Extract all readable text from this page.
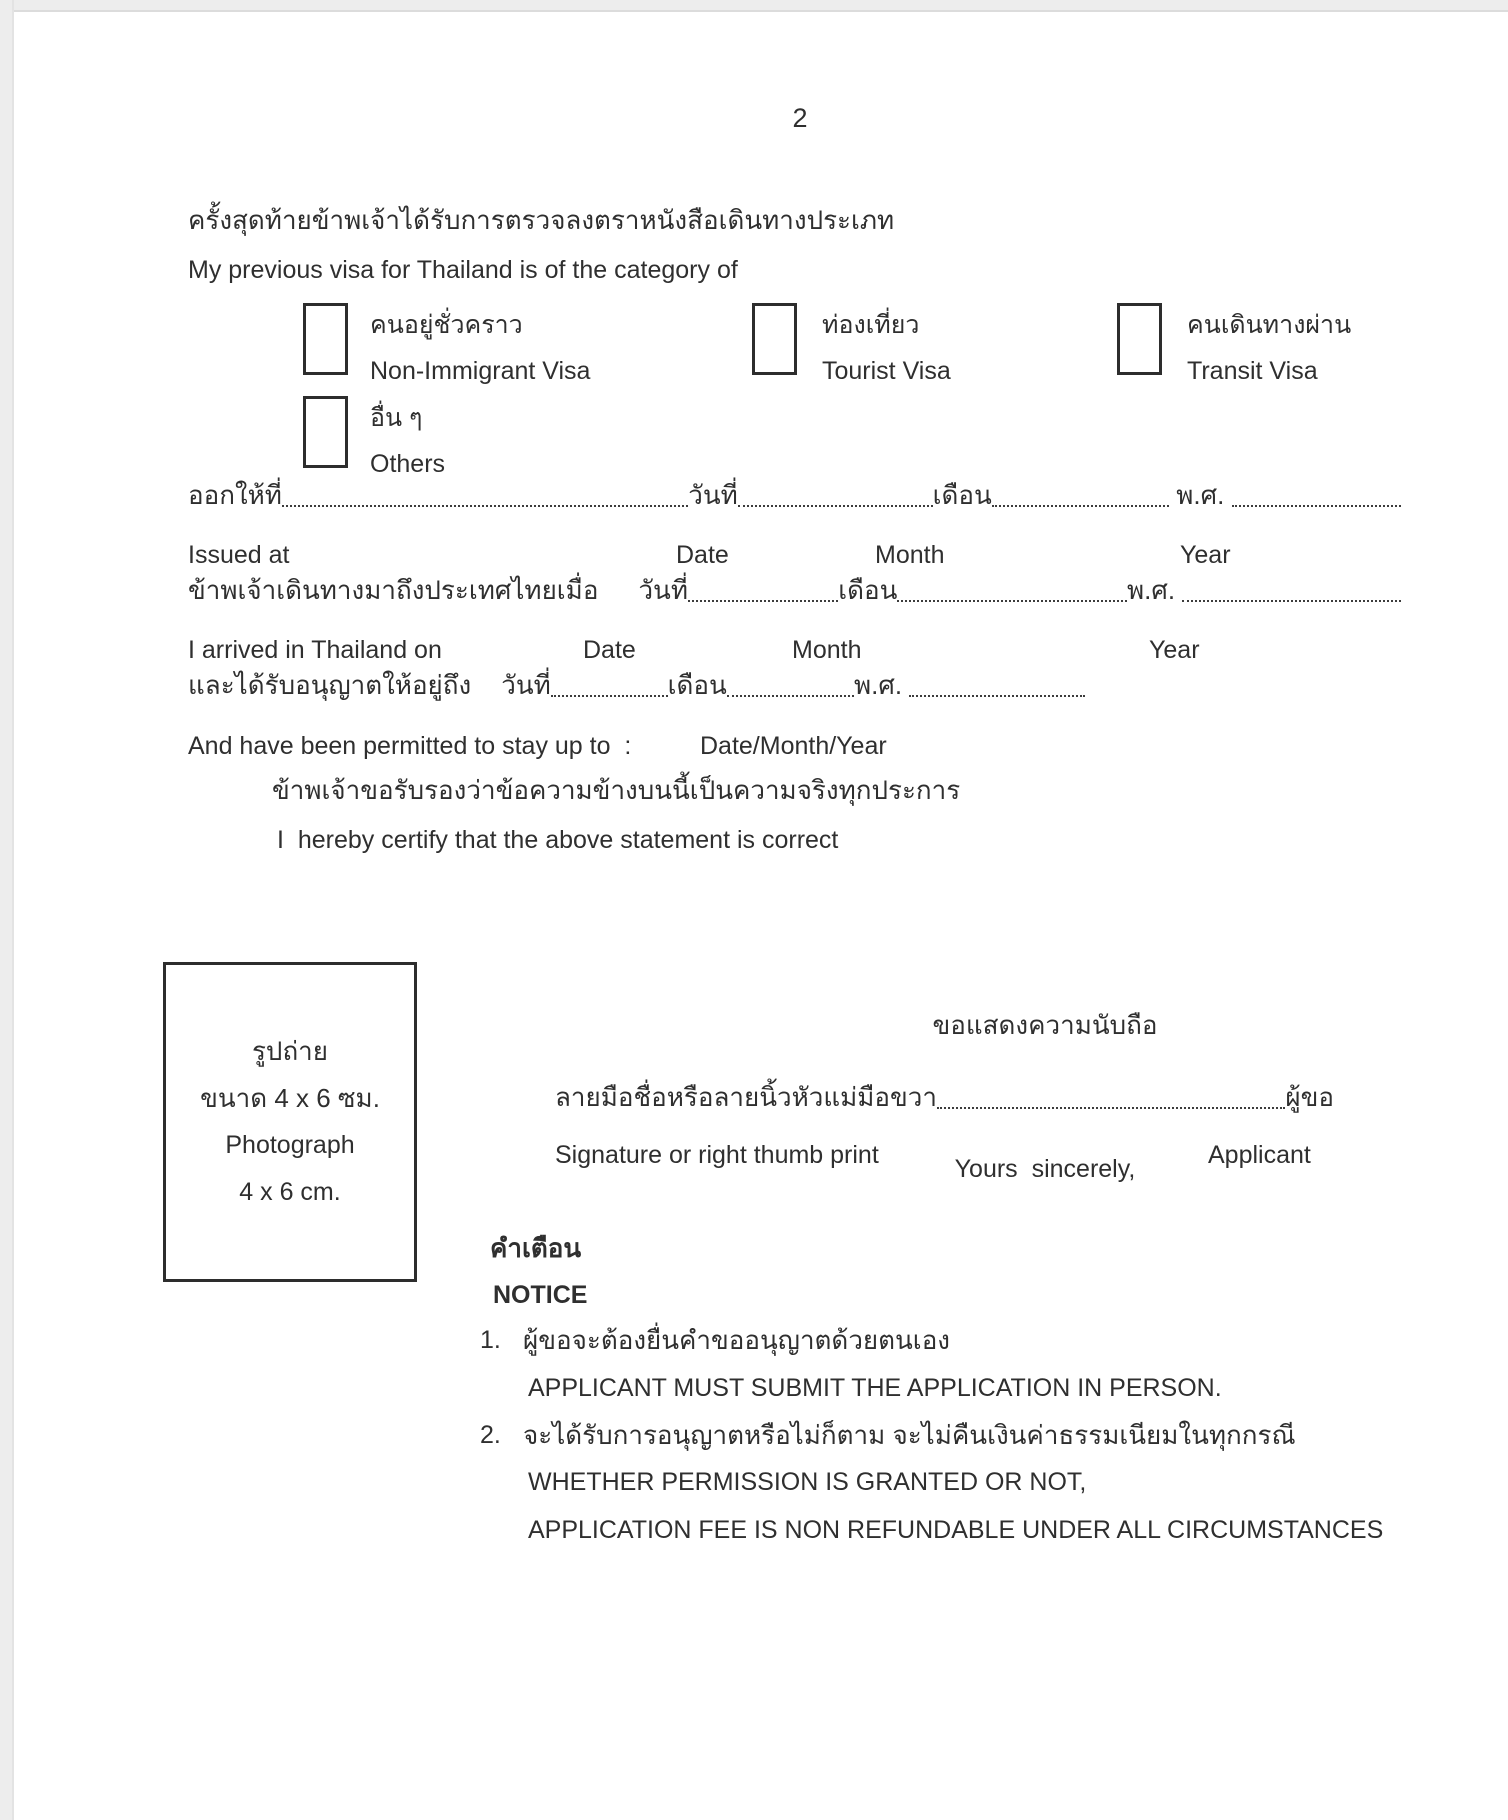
2
ครั้งสุดท้ายข้าพเจ้าได้รับการตรวจลงตราหนังสือเดินทางประเภท
My previous visa for Thailand is of the category of
คนอยู่ชั่วคราว
Non-Immigrant Visa
ท่องเที่ยว
Tourist Visa
คนเดินทางผ่าน
Transit Visa
อื่น ๆ
Others
ออกให้ที่	วันที่	เดือน	พ.ศ.
Issued at	Date	Month	Year
ข้าพเจ้าเดินทางมาถึงประเทศไทยเมื่อ วันที่	เดือน	พ.ศ.
I arrived in Thailand on	Date	Month	Year
และได้รับอนุญาตให้อยู่ถึง วันที่	เดือน	พ.ศ.
And have been permitted to stay up to  :	Date/Month/Year
ข้าพเจ้าขอรับรองว่าข้อความข้างบนนี้เป็นความจริงทุกประการ
I  hereby certify that the above statement is correct

ขอแสดงความนับถือ

Yours  sincerely,

รูปถ่าย
ขนาด 4 x 6 ซม.
Photograph
4 x 6 cm.
ลายมือชื่อหรือลายนิ้วหัวแม่มือขวา	ผู้ขอ
Signature or right thumb print	Applicant
คำเตือน
NOTICE
1. ผู้ขอจะต้องยื่นคำขออนุญาตด้วยตนเอง
APPLICANT MUST SUBMIT THE APPLICATION IN PERSON.
2. จะได้รับการอนุญาตหรือไม่ก็ตาม จะไม่คืนเงินค่าธรรมเนียมในทุกกรณี
WHETHER PERMISSION IS GRANTED OR NOT,
APPLICATION FEE IS NON REFUNDABLE UNDER ALL CIRCUMSTANCES
